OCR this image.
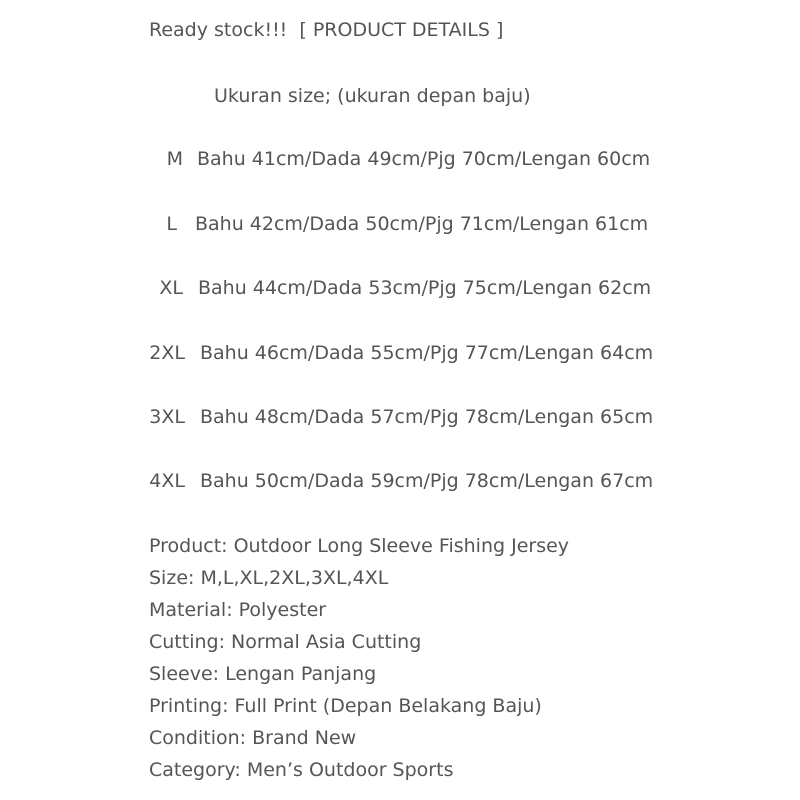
Ready stock!!!  [ PRODUCT DETAILS ]
Ukuran size; (ukuran depan baju)
M Bahu 41cm/Dada 49cm/Pjg 70cm/Lengan 60cm
L Bahu 42cm/Dada 50cm/Pjg 71cm/Lengan 61cm
XL Bahu 44cm/Dada 53cm/Pjg 75cm/Lengan 62cm
2XL Bahu 46cm/Dada 55cm/Pjg 77cm/Lengan 64cm
3XL Bahu 48cm/Dada 57cm/Pjg 78cm/Lengan 65cm
4XL Bahu 50cm/Dada 59cm/Pjg 78cm/Lengan 67cm
Product: Outdoor Long Sleeve Fishing Jersey
Size: M,L,XL,2XL,3XL,4XL
Material: Polyester
Cutting: Normal Asia Cutting
Sleeve: Lengan Panjang
Printing: Full Print (Depan Belakang Baju)
Condition: Brand New
Category: Men’s Outdoor Sports
